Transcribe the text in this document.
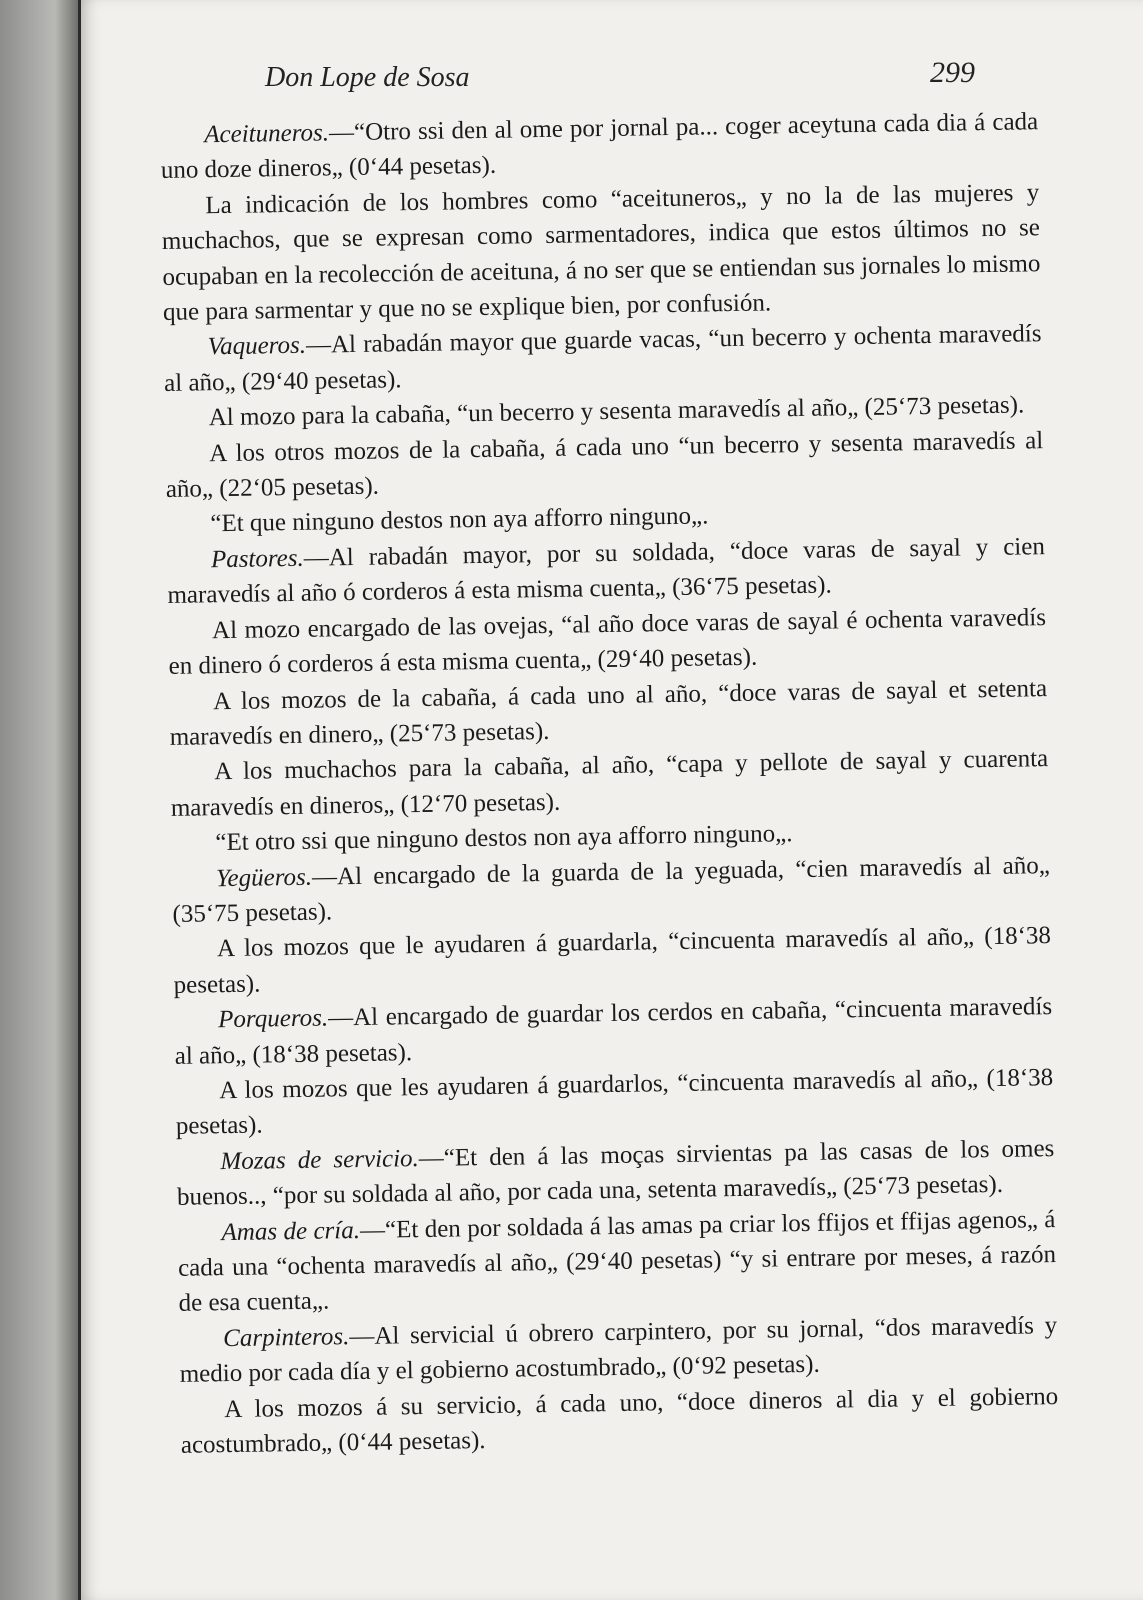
Don Lope de Sosa	299

Aceituneros.—“Otro ssi den al ome por jornal pa... coger aceytuna cada dia á cada uno doze dineros„ (0‘44 pesetas).

La indicación de los hombres como “aceituneros„ y no la de las mujeres y muchachos, que se expresan como sarmentadores, indica que estos últimos no se ocupaban en la recolección de aceituna, á no ser que se entiendan sus jornales lo mismo que para sarmentar y que no se explique bien, por confusión.

Vaqueros.—Al rabadán mayor que guarde vacas, “un becerro y ochenta maravedís al año„ (29‘40 pesetas).

Al mozo para la cabaña, “un becerro y sesenta maravedís al año„ (25‘73 pesetas).

A los otros mozos de la cabaña, á cada uno “un becerro y sesenta maravedís al año„ (22‘05 pesetas).

“Et que ninguno destos non aya afforro ninguno„.

Pastores.—Al rabadán mayor, por su soldada, “doce varas de sayal y cien maravedís al año ó corderos á esta misma cuenta„ (36‘75 pesetas).

Al mozo encargado de las ovejas, “al año doce varas de sayal é ochenta varavedís en dinero ó corderos á esta misma cuenta„ (29‘40 pesetas).

A los mozos de la cabaña, á cada uno al año, “doce varas de sayal et setenta maravedís en dinero„ (25‘73 pesetas).

A los muchachos para la cabaña, al año, “capa y pellote de sayal y cuarenta maravedís en dineros„ (12‘70 pesetas).

“Et otro ssi que ninguno destos non aya afforro ninguno„.

Yegüeros.—Al encargado de la guarda de la yeguada, “cien maravedís al año„ (35‘75 pesetas).

A los mozos que le ayudaren á guardarla, “cincuenta maravedís al año„ (18‘38 pesetas).

Porqueros.—Al encargado de guardar los cerdos en cabaña, “cincuenta maravedís al año„ (18‘38 pesetas).

A los mozos que les ayudaren á guardarlos, “cincuenta maravedís al año„ (18‘38 pesetas).

Mozas de servicio.—“Et den á las moças sirvientas pa las casas de los omes buenos.., “por su soldada al año, por cada una, setenta maravedís„ (25‘73 pesetas).

Amas de cría.—“Et den por soldada á las amas pa criar los ffijos et ffijas agenos„ á cada una “ochenta maravedís al año„ (29‘40 pesetas) “y si entrare por meses, á razón de esa cuenta„.

Carpinteros.—Al servicial ú obrero carpintero, por su jornal, “dos maravedís y medio por cada día y el gobierno acostumbrado„ (0‘92 pesetas).

A los mozos á su servicio, á cada uno, “doce dineros al dia y el gobierno acostumbrado„ (0‘44 pesetas).
